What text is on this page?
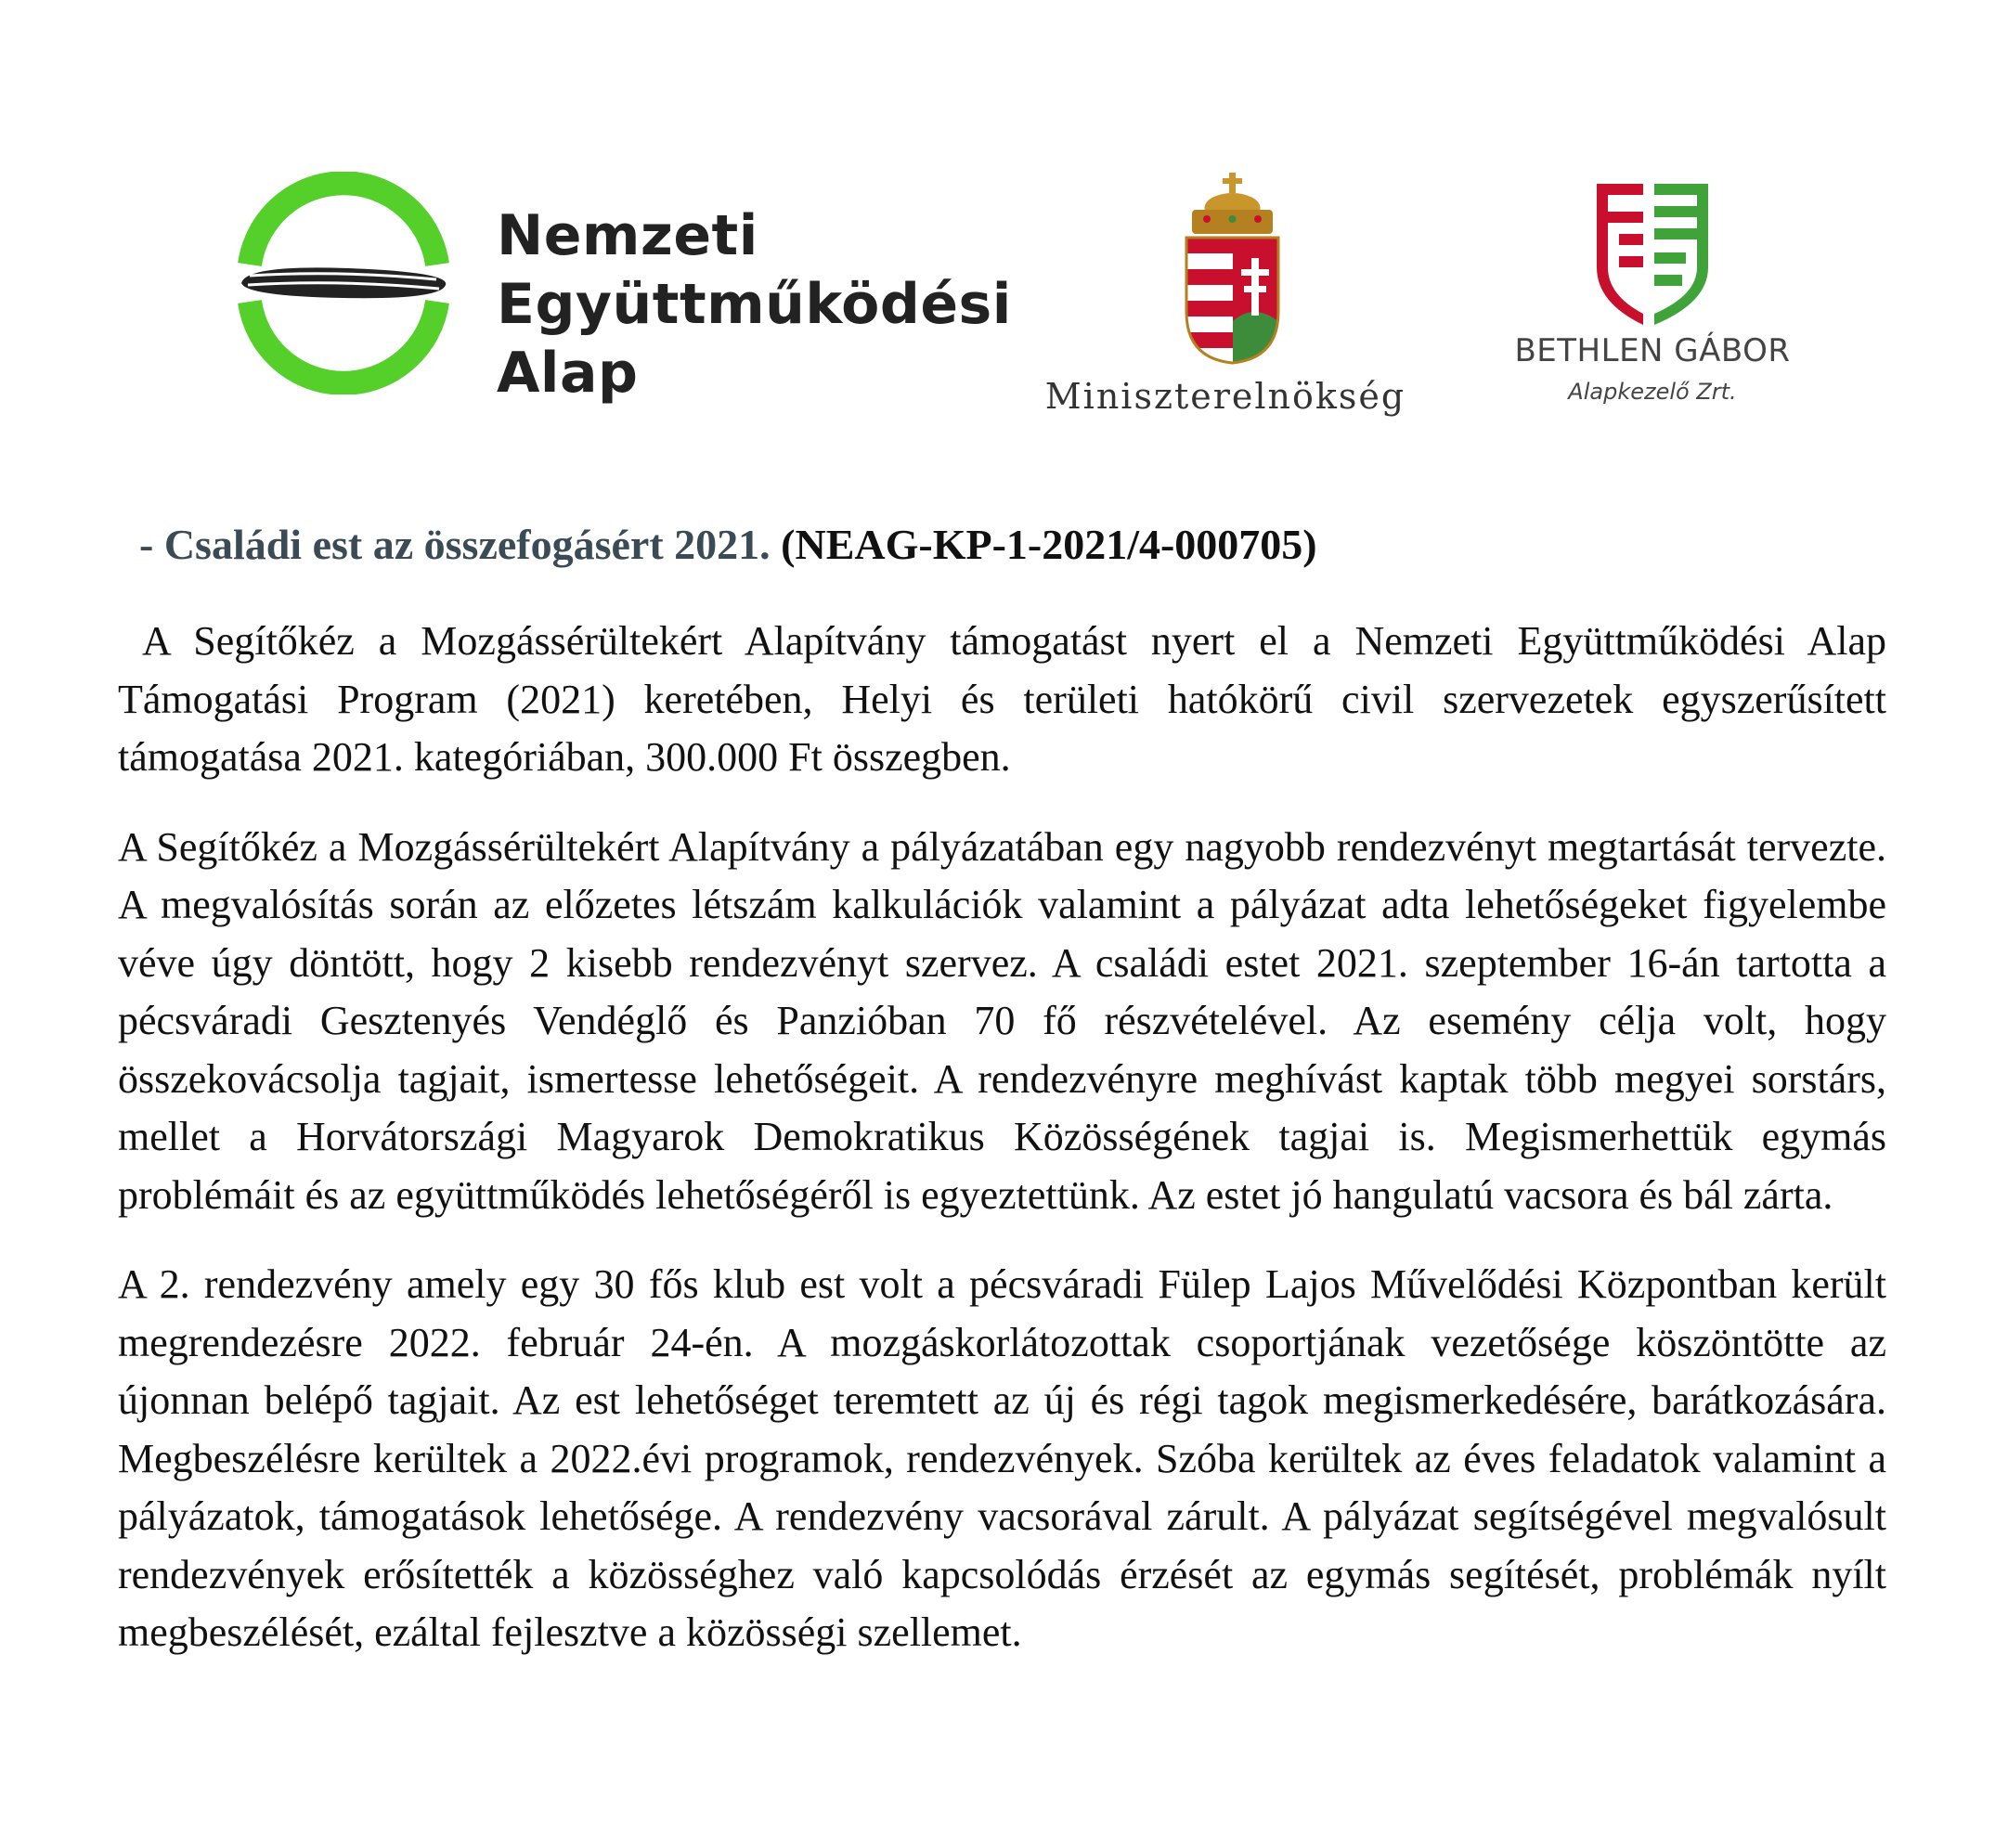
Nemzeti
Együttműködési
Alap	Miniszterelnökség
BETHLEN GÁBOR
Alapkezelő Zrt.
- Családi est az összefogásért 2021. (NEAG-KP-1-2021/4-000705)

A Segítőkéz a Mozgássérültekért Alapítvány támogatást nyert el a Nemzeti Együttműködési Alap Támogatási Program (2021) keretében, Helyi és területi hatókörű civil szervezetek egyszerűsített támogatása 2021. kategóriában, 300.000 Ft összegben.

A Segítőkéz a Mozgássérültekért Alapítvány a pályázatában egy nagyobb rendezvényt megtartását tervezte. A megvalósítás során az előzetes létszám kalkulációk valamint a pályázat adta lehetőségeket figyelembe véve úgy döntött, hogy 2 kisebb rendezvényt szervez. A családi estet 2021. szeptember 16-án tartotta a pécsváradi Gesztenyés Vendéglő és Panzióban 70 fő részvételével. Az esemény célja volt, hogy összekovácsolja tagjait, ismertesse lehetőségeit. A rendezvényre meghívást kaptak több megyei sorstárs, mellet a Horvátországi Magyarok Demokratikus Közösségének tagjai is. Megismerhettük egymás problémáit és az együttműködés lehetőségéről is egyeztettünk. Az estet jó hangulatú vacsora és bál zárta.

A 2. rendezvény amely egy 30 fős klub est volt a pécsváradi Fülep Lajos Művelődési Központban került megrendezésre 2022. február 24-én. A mozgáskorlátozottak csoportjának vezetősége köszöntötte az újonnan belépő tagjait. Az est lehetőséget teremtett az új és régi tagok megismerkedésére, barátkozására. Megbeszélésre kerültek a 2022.évi programok, rendezvények. Szóba kerültek az éves feladatok valamint a pályázatok, támogatások lehetősége. A rendezvény vacsorával zárult. A pályázat segítségével megvalósult rendezvények erősítették a közösséghez való kapcsolódás érzését az egymás segítését, problémák nyílt megbeszélését, ezáltal fejlesztve a közösségi szellemet.
